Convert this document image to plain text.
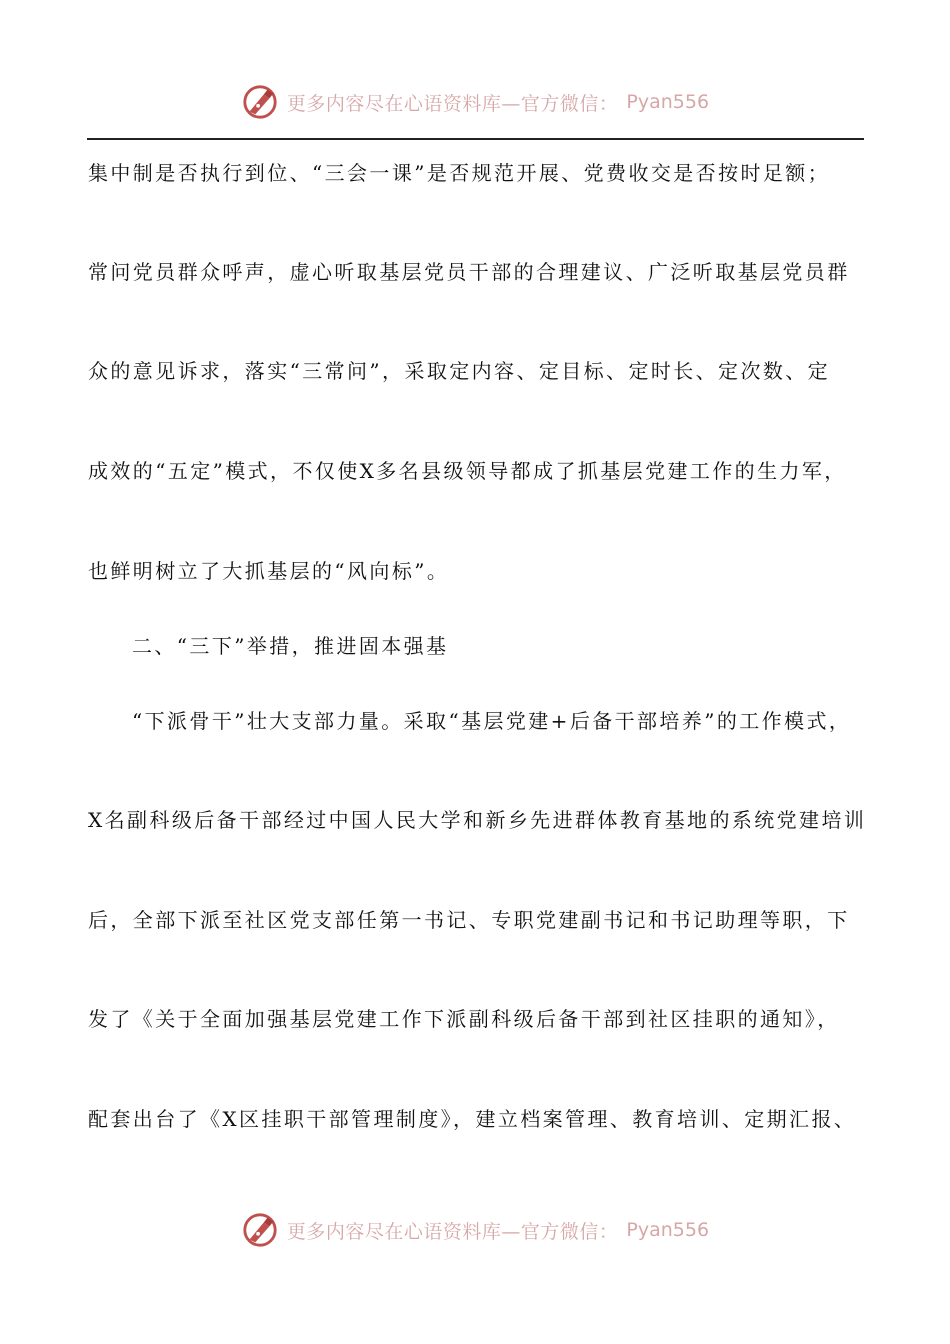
更多内容尽在心语资料库—官方微信： Pyan556
集中制是否执行到位、“三会一课”是否规范开展、党费收交是否按时足额；
常问党员群众呼声，虚心听取基层党员干部的合理建议、广泛听取基层党员群
众的意见诉求，落实“三常问”，采取定内容、定目标、定时长、定次数、定
成效的“五定”模式，不仅使X多名县级领导都成了抓基层党建工作的生力军，
也鲜明树立了大抓基层的“风向标”。
二、“三下”举措，推进固本强基
“下派骨干”壮大支部力量。采取“基层党建+后备干部培养”的工作模式，
X名副科级后备干部经过中国人民大学和新乡先进群体教育基地的系统党建培训
后，全部下派至社区党支部任第一书记、专职党建副书记和书记助理等职，下
发了《关于全面加强基层党建工作下派副科级后备干部到社区挂职的通知》，
配套出台了《X区挂职干部管理制度》，建立档案管理、教育培训、定期汇报、
更多内容尽在心语资料库—官方微信： Pyan556
